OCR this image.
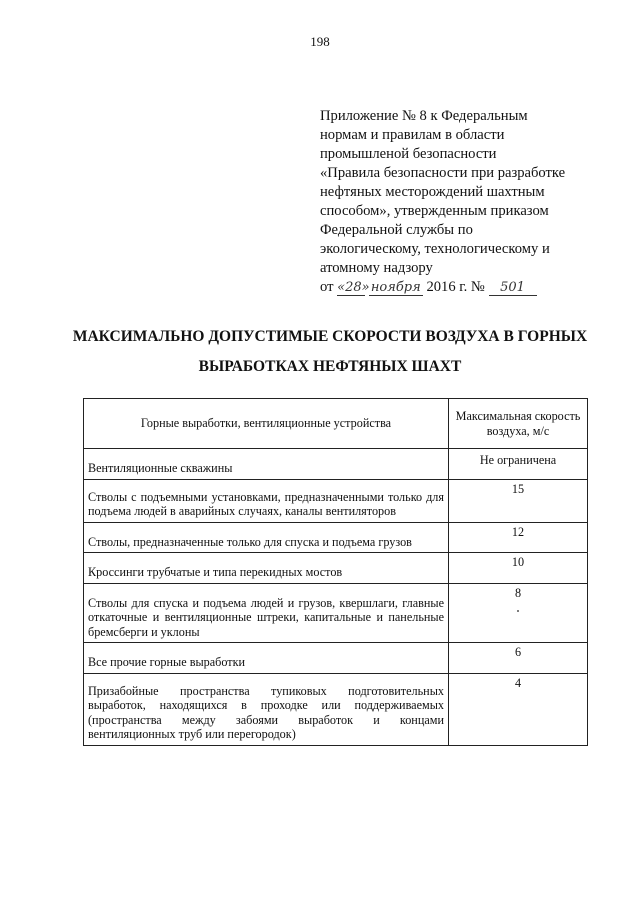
198
Приложение № 8 к Федеральным
нормам и правилам в области
промышленой безопасности
«Правила безопасности при разработке
нефтяных месторождений шахтным
способом», утвержденным приказом
Федеральной службы по
экологическому, технологическому и
атомному надзору
от «28» ноября 2016 г. № 501
МАКСИМАЛЬНО ДОПУСТИМЫЕ СКОРОСТИ ВОЗДУХА В ГОРНЫХ
ВЫРАБОТКАХ НЕФТЯНЫХ ШАХТ
Горные выработки, вентиляционные устройства	Максимальная скорость воздуха, м/с
Вентиляционные скважины	Не ограничена
Стволы с подъемными установками, предназначенными только для подъема людей в аварийных случаях, каналы вентиляторов	15
Стволы, предназначенные только для спуска и подъема грузов	12
Кроссинги трубчатые и типа перекидных мостов	10
Стволы для спуска и подъема людей и грузов, квершлаги, главные откаточные и вентиляционные штреки, капитальные и панельные бремсберги и уклоны	8

Все прочие горные выработки	6
Призабойные пространства тупиковых подготовительных выработок, находящихся в проходке или поддерживаемых (пространства между забоями выработок и концами вентиляционных труб или перегородок)	4
